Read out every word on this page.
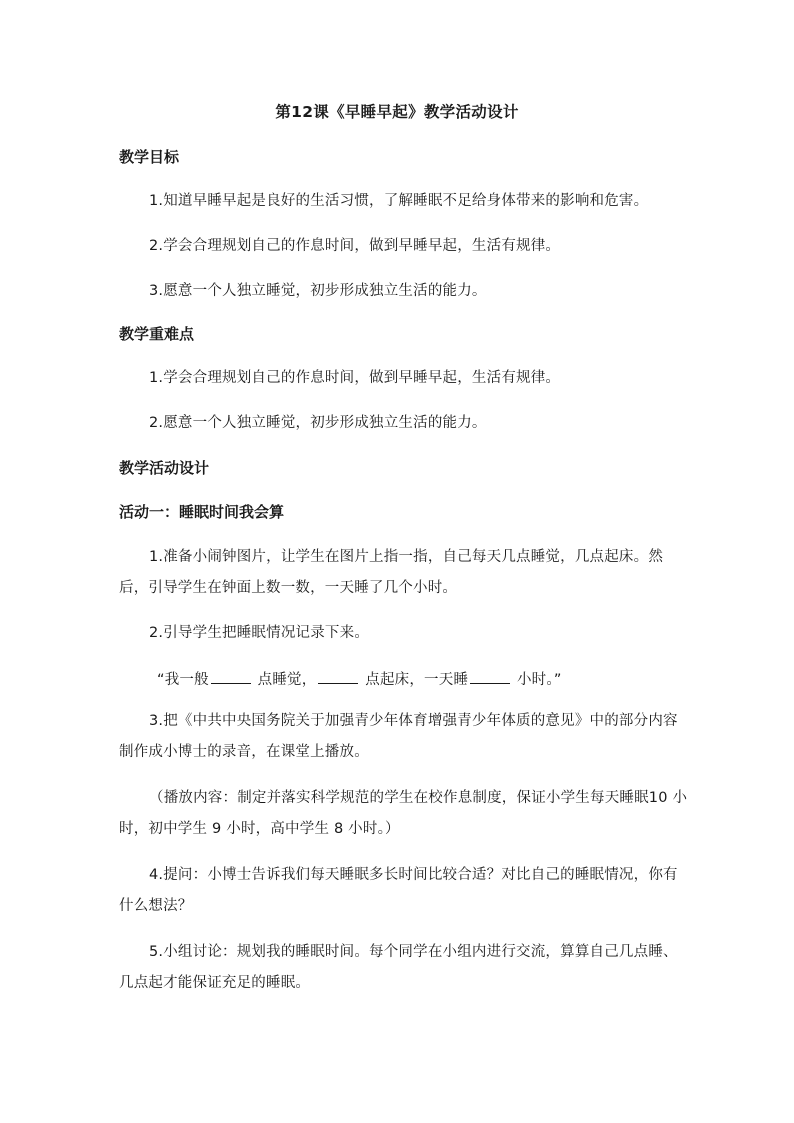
第12课《早睡早起》教学活动设计
教学目标
1.知道早睡早起是良好的生活习惯，了解睡眠不足给身体带来的影响和危害。
2.学会合理规划自己的作息时间，做到早睡早起，生活有规律。
3.愿意一个人独立睡觉，初步形成独立生活的能力。
教学重难点
1.学会合理规划自己的作息时间，做到早睡早起，生活有规律。
2.愿意一个人独立睡觉，初步形成独立生活的能力。
教学活动设计
活动一：睡眠时间我会算
1.准备小闹钟图片，让学生在图片上指一指，自己每天几点睡觉，几点起床。然后，引导学生在钟面上数一数，一天睡了几个小时。
2.引导学生把睡眠情况记录下来。
“我一般	点睡觉，	点起床，一天睡	小时。”
3.把《中共中央国务院关于加强青少年体育增强青少年体质的意见》中的部分内容制作成小博士的录音，在课堂上播放。
（播放内容：制定并落实科学规范的学生在校作息制度，保证小学生每天睡眠10 小时，初中学生 9 小时，高中学生 8 小时。）
4.提问：小博士告诉我们每天睡眠多长时间比较合适？对比自己的睡眠情况，你有什么想法？
5.小组讨论：规划我的睡眠时间。每个同学在小组内进行交流，算算自己几点睡、几点起才能保证充足的睡眠。
